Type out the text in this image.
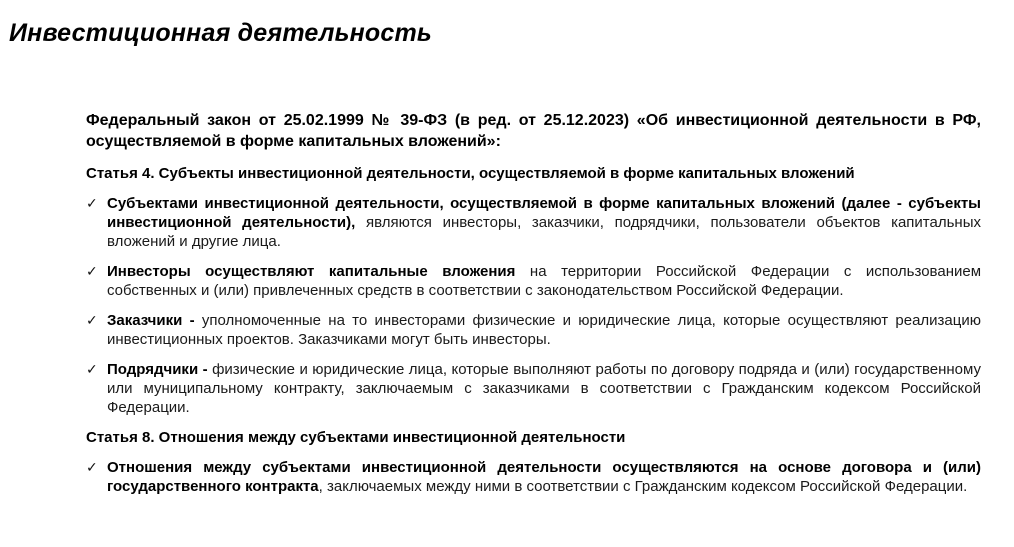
Инвестиционная деятельность

Федеральный закон от 25.02.1999 № 39-ФЗ (в ред. от 25.12.2023) «Об инвестиционной деятельности в РФ, осуществляемой в форме капитальных вложений»:

Статья 4. Субъекты инвестиционной деятельности, осуществляемой в форме капитальных вложений

✓ Субъектами инвестиционной деятельности, осуществляемой в форме капитальных вложений (далее - субъекты инвестиционной деятельности), являются инвесторы, заказчики, подрядчики, пользователи объектов капитальных вложений и другие лица.
✓ Инвесторы осуществляют капитальные вложения на территории Российской Федерации с использованием собственных и (или) привлеченных средств в соответствии с законодательством Российской Федерации.
✓ Заказчики - уполномоченные на то инвесторами физические и юридические лица, которые осуществляют реализацию инвестиционных проектов. Заказчиками могут быть инвесторы.
✓ Подрядчики - физические и юридические лица, которые выполняют работы по договору подряда и (или) государственному или муниципальному контракту, заключаемым с заказчиками в соответствии с Гражданским кодексом Российской Федерации.

Статья 8. Отношения между субъектами инвестиционной деятельности

✓ Отношения между субъектами инвестиционной деятельности осуществляются на основе договора и (или) государственного контракта, заключаемых между ними в соответствии с Гражданским кодексом Российской Федерации.
